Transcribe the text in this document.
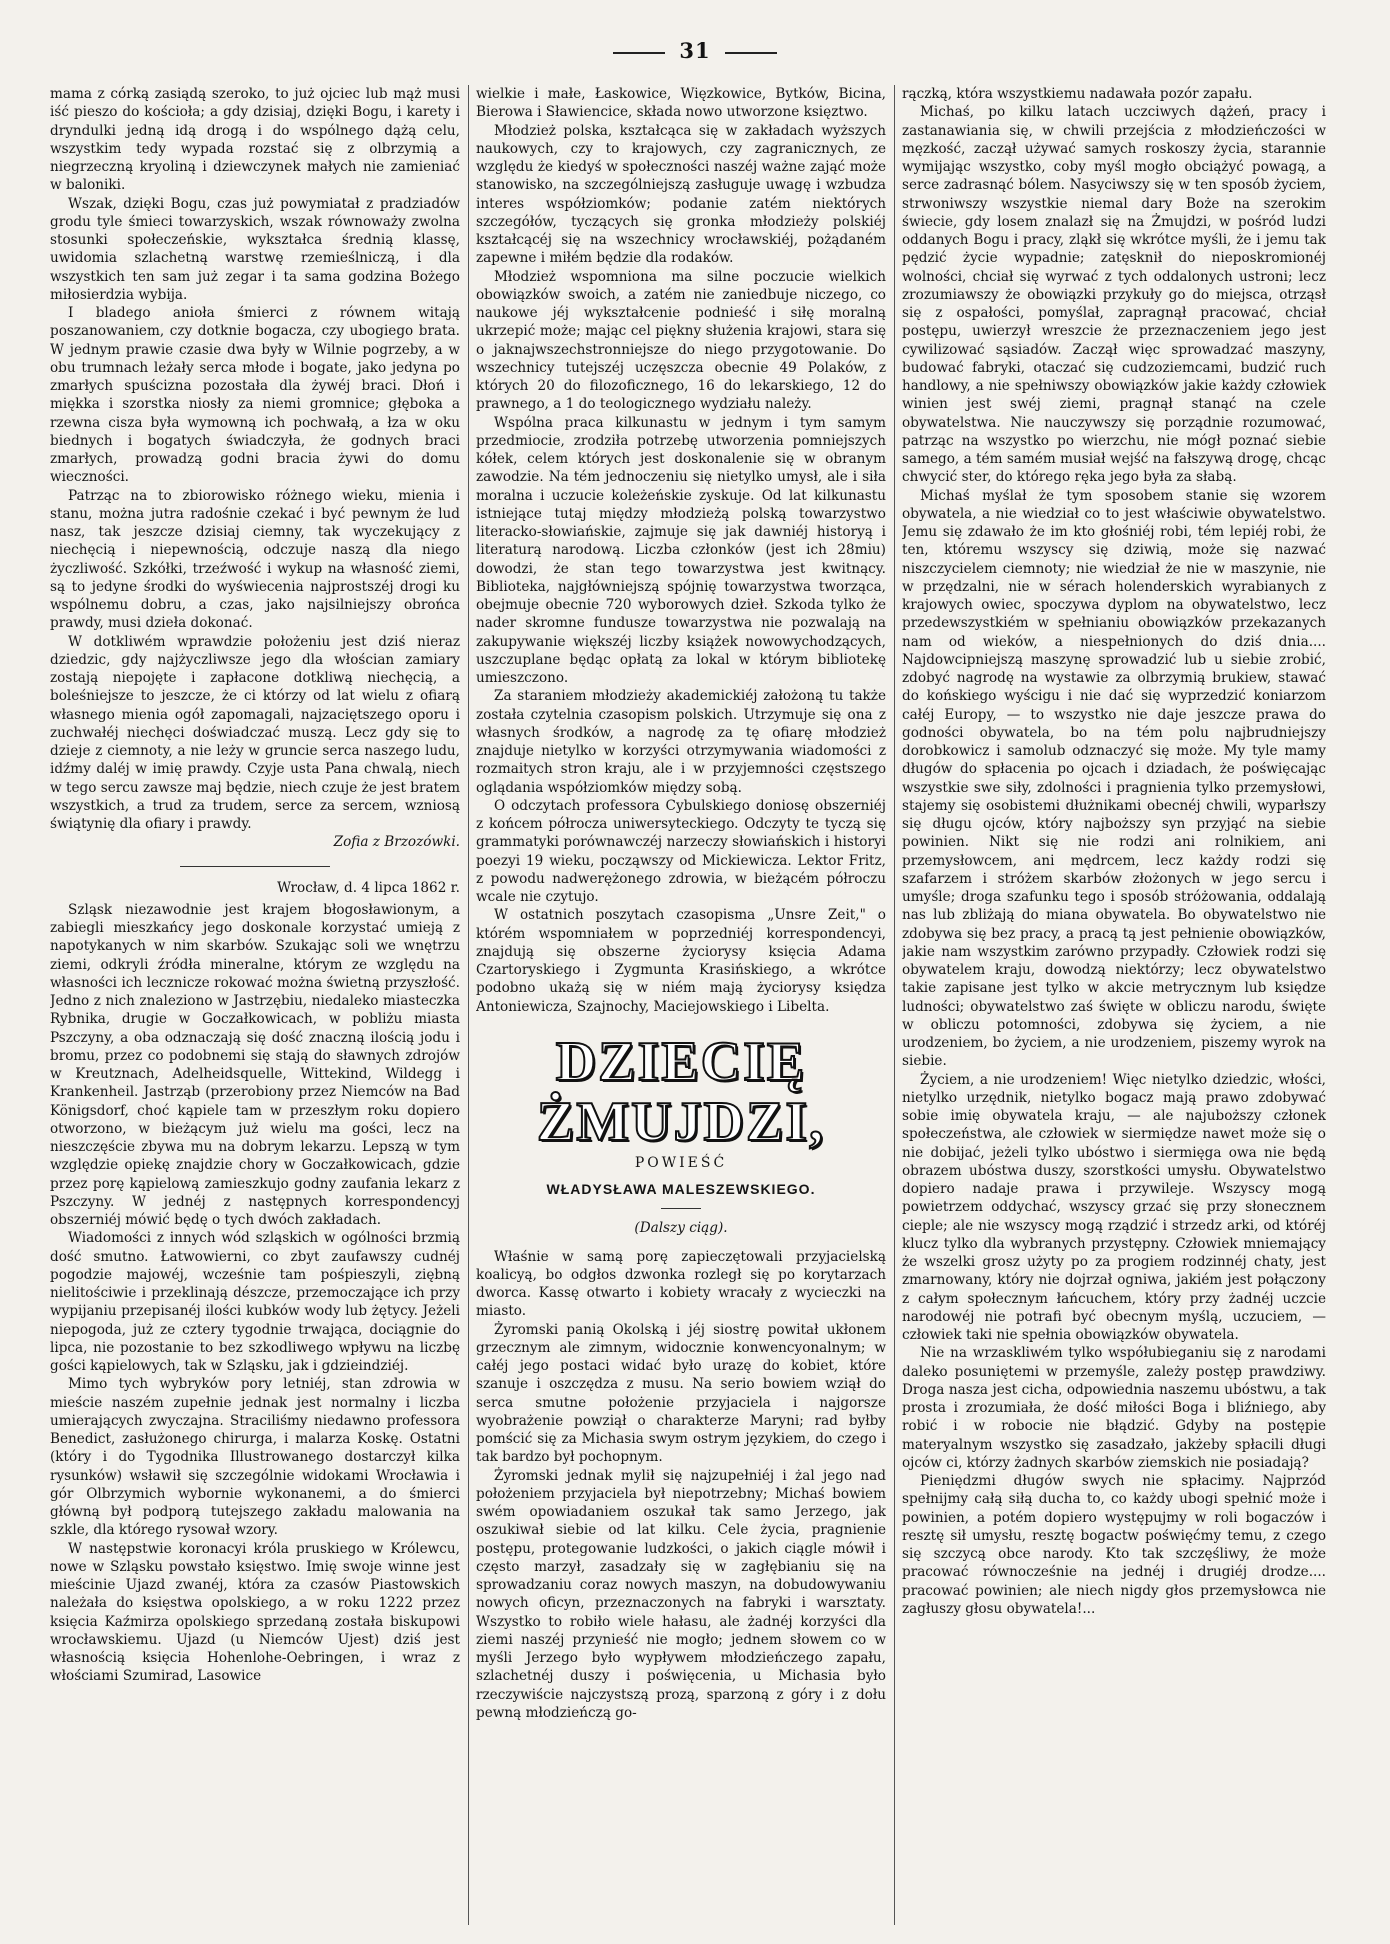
31

mama z córką zasiądą szeroko, to już ojciec lub mąż musi iść pieszo do kościoła; a gdy dzisiaj, dzięki Bogu, i karety i dryndulki jedną idą drogą i do wspólnego dążą celu, wszystkim tedy wypada rozstać się z olbrzymią a niegrzeczną kryoliną i dziewczynek małych nie zamieniać w baloniki.

Wszak, dzięki Bogu, czas już powymiatał z pradziadów grodu tyle śmieci towarzyskich, wszak równoważy zwolna stosunki społeczeńskie, wykształca średnią klassę, uwidomia szlachetną warstwę rzemieślniczą, i dla wszystkich ten sam już zegar i ta sama godzina Bożego miłosierdzia wybija.

I bladego anioła śmierci z równem witają poszanowaniem, czy dotknie bogacza, czy ubogiego brata. W jednym prawie czasie dwa były w Wilnie pogrzeby, a w obu trumnach leżały serca młode i bogate, jako jedyna po zmarłych spuścizna pozostała dla żywéj braci. Dłoń i miękka i szorstka niosły za niemi gromnice; głęboka a rzewna cisza była wymowną ich pochwałą, a łza w oku biednych i bogatych świadczyła, że godnych braci zmarłych, prowadzą godni bracia żywi do domu wieczności.

Patrząc na to zbiorowisko różnego wieku, mienia i stanu, można jutra radośnie czekać i być pewnym że lud nasz, tak jeszcze dzisiaj ciemny, tak wyczekujący z niechęcią i niepewnością, odczuje naszą dla niego życzliwość. Szkółki, trzeźwość i wykup na własność ziemi, są to jedyne środki do wyświecenia najprostszéj drogi ku wspólnemu dobru, a czas, jako najsilniejszy obrońca prawdy, musi dzieła dokonać.

W dotkliwém wprawdzie położeniu jest dziś nieraz dziedzic, gdy najżyczliwsze jego dla włościan zamiary zostają niepojęte i zapłacone dotkliwą niechęcią, a boleśniejsze to jeszcze, że ci którzy od lat wielu z ofiarą własnego mienia ogół zapomagali, najzaciętszego oporu i zuchwałéj niechęci doświadczać muszą. Lecz gdy się to dzieje z ciemnoty, a nie leży w gruncie serca naszego ludu, idźmy daléj w imię prawdy. Czyje usta Pana chwalą, niech w tego sercu zawsze maj będzie, niech czuje że jest bratem wszystkich, a trud za trudem, serce za sercem, wzniosą świątynię dla ofiary i prawdy.

Zofia z Brzozówki.
Wrocław, d. 4 lipca 1862 r.

Szląsk niezawodnie jest krajem błogosławionym, a zabiegli mieszkańcy jego doskonale korzystać umieją z napotykanych w nim skarbów. Szukając soli we wnętrzu ziemi, odkryli źródła mineralne, którym ze względu na własności ich lecznicze rokować można świetną przyszłość. Jedno z nich znaleziono w Jastrzębiu, niedaleko miasteczka Rybnika, drugie w Goczałkowicach, w pobliżu miasta Pszczyny, a oba odznaczają się dość znaczną ilością jodu i bromu, przez co podobnemi się stają do sławnych zdrojów w Kreutznach, Adelheidsquelle, Wittekind, Wildegg i Krankenheil. Jastrząb (przerobiony przez Niemców na Bad Königsdorf, choć kąpiele tam w przeszłym roku dopiero otworzono, w bieżącym już wielu ma gości, lecz na nieszczęście zbywa mu na dobrym lekarzu. Lepszą w tym względzie opiekę znajdzie chory w Goczałkowicach, gdzie przez porę kąpielową zamieszkujo godny zaufania lekarz z Pszczyny. W jednéj z następnych korrespondencyj obszerniéj mówić będę o tych dwóch zakładach.

Wiadomości z innych wód szląskich w ogólności brzmią dość smutno. Łatwowierni, co zbyt zaufawszy cudnéj pogodzie majowéj, wcześnie tam pośpieszyli, ziębną nielitościwie i przeklinają dészcze, przemoczające ich przy wypijaniu przepisanéj ilości kubków wody lub żętycy. Jeżeli niepogoda, już ze cztery tygodnie trwająca, dociągnie do lipca, nie pozostanie to bez szkodliwego wpływu na liczbę gości kąpielowych, tak w Szląsku, jak i gdzieindziéj.

Mimo tych wybryków pory letniéj, stan zdrowia w mieście naszém zupełnie jednak jest normalny i liczba umierających zwyczajna. Straciliśmy niedawno professora Benedict, zasłużonego chirurga, i malarza Koskę. Ostatni (który i do Tygodnika Illustrowanego dostarczył kilka rysunków) wsławił się szczególnie widokami Wrocławia i gór Olbrzymich wybornie wykonanemi, a do śmierci główną był podporą tutejszego zakładu malowania na szkle, dla którego rysował wzory.

W następstwie koronacyi króla pruskiego w Królewcu, nowe w Szląsku powstało księstwo. Imię swoje winne jest mieścinie Ujazd zwanéj, która za czasów Piastowskich należała do księstwa opolskiego, a w roku 1222 przez księcia Kaźmirza opolskiego sprzedaną została biskupowi wrocławskiemu. Ujazd (u Niemców Ujest) dziś jest własnością księcia Hohenlohe-Oebringen, i wraz z włościami Szumirad, Lasowice

wielkie i małe, Łaskowice, Więzkowice, Bytków, Bicina, Bierowa i Sławiencice, składa nowo utworzone księztwo.

Młodzież polska, kształcąca się w zakładach wyższych naukowych, czy to krajowych, czy zagranicznych, ze względu że kiedyś w społeczności naszéj ważne zająć może stanowisko, na szczególniejszą zasługuje uwagę i wzbudza interes współziomków; podanie zatém niektórych szczegółów, tyczących się gronka młodzieży polskiéj kształcącéj się na wszechnicy wrocławskiéj, pożądaném zapewne i miłém będzie dla rodaków.

Młodzież wspomniona ma silne poczucie wielkich obowiązków swoich, a zatém nie zaniedbuje niczego, co naukowe jéj wykształcenie podnieść i siłę moralną ukrzepić może; mając cel piękny służenia krajowi, stara się o jaknajwszechstronniejsze do niego przygotowanie. Do wszechnicy tutejszéj uczęszcza obecnie 49 Polaków, z których 20 do filozoficznego, 16 do lekarskiego, 12 do prawnego, a 1 do teologicznego wydziału należy.

Wspólna praca kilkunastu w jednym i tym samym przedmiocie, zrodziła potrzebę utworzenia pomniejszych kółek, celem których jest doskonalenie się w obranym zawodzie. Na tém jednoczeniu się nietylko umysł, ale i siła moralna i uczucie koleżeńskie zyskuje. Od lat kilkunastu istniejące tutaj między młodzieżą polską towarzystwo literacko-słowiańskie, zajmuje się jak dawniéj historyą i literaturą narodową. Liczba członków (jest ich 28miu) dowodzi, że stan tego towarzystwa jest kwitnący. Biblioteka, najgłówniejszą spójnię towarzystwa tworząca, obejmuje obecnie 720 wyborowych dzieł. Szkoda tylko że nader skromne fundusze towarzystwa nie pozwalają na zakupywanie większéj liczby książek nowowychodzących, uszczuplane będąc opłatą za lokal w którym bibliotekę umieszczono.

Za staraniem młodzieży akademickiéj założoną tu także została czytelnia czasopism polskich. Utrzymuje się ona z własnych środków, a nagrodę za tę ofiarę młodzież znajduje nietylko w korzyści otrzymywania wiadomości z rozmaitych stron kraju, ale i w przyjemności częstszego oglądania współziomków między sobą.

O odczytach professora Cybulskiego doniosę obszerniéj z końcem półrocza uniwersyteckiego. Odczyty te tyczą się grammatyki porównawczéj narzeczy słowiańskich i historyi poezyi 19 wieku, począwszy od Mickiewicza. Lektor Fritz, z powodu nadwerężonego zdrowia, w bieżącém półroczu wcale nie czytujo.

W ostatnich poszytach czasopisma „Unsre Zeit," o którém wspomniałem w poprzedniéj korrespondencyi, znajdują się obszerne życiorysy księcia Adama Czartoryskiego i Zygmunta Krasińskiego, a wkrótce podobno ukażą się w niém mają życiorysy księdza Antoniewicza, Szajnochy, Maciejowskiego i Libelta.

DZIECIĘ ŻMUJDZI,
POWIEŚĆ
WŁADYSŁAWA MALESZEWSKIEGO.
(Dalszy ciąg).

Właśnie w samą porę zapieczętowali przyjacielską koalicyą, bo odgłos dzwonka rozległ się po korytarzach dworca. Kassę otwarto i kobiety wracały z wycieczki na miasto.

Żyromski panią Okolską i jéj siostrę powitał ukłonem grzecznym ale zimnym, widocznie konwencyonalnym; w całéj jego postaci widać było urazę do kobiet, które szanuje i oszczędza z musu. Na serio bowiem wziął do serca smutne położenie przyjaciela i najgorsze wyobrażenie powziął o charakterze Maryni; rad byłby pomścić się za Michasia swym ostrym językiem, do czego i tak bardzo był pochopnym.

Żyromski jednak mylił się najzupełniéj i żal jego nad położeniem przyjaciela był niepotrzebny; Michaś bowiem swém opowiadaniem oszukał tak samo Jerzego, jak oszukiwał siebie od lat kilku. Cele życia, pragnienie postępu, protegowanie ludzkości, o jakich ciągle mówił i często marzył, zasadzały się w zagłębianiu się na sprowadzaniu coraz nowych maszyn, na dobudowywaniu nowych oficyn, przeznaczonych na fabryki i warsztaty. Wszystko to robiło wiele hałasu, ale żadnéj korzyści dla ziemi naszéj przynieść nie mogło; jednem słowem co w myśli Jerzego było wypływem młodzieńczego zapału, szlachetnéj duszy i poświęcenia, u Michasia było rzeczywiście najczystszą prozą, sparzoną z góry i z dołu pewną młodzieńczą go-

rączką, która wszystkiemu nadawała pozór zapału.

Michaś, po kilku latach uczciwych dążeń, pracy i zastanawiania się, w chwili przejścia z młodzieńczości w męzkość, zaczął używać samych roskoszy życia, starannie wymijając wszystko, coby myśl mogło obciążyć powagą, a serce zadrasnąć bólem. Nasyciwszy się w ten sposób życiem, strwoniwszy wszystkie niemal dary Boże na szerokim świecie, gdy losem znalazł się na Żmujdzi, w pośród ludzi oddanych Bogu i pracy, zląkł się wkrótce myśli, że i jemu tak pędzić życie wypadnie; zatęsknił do nieposkromionéj wolności, chciał się wyrwać z tych oddalonych ustroni; lecz zrozumiawszy że obowiązki przykuły go do miejsca, otrząsł się z ospałości, pomyślał, zapragnął pracować, chciał postępu, uwierzył wreszcie że przeznaczeniem jego jest cywilizować sąsiadów. Zaczął więc sprowadzać maszyny, budować fabryki, otaczać się cudzoziemcami, budzić ruch handlowy, a nie spełniwszy obowiązków jakie każdy człowiek winien jest swéj ziemi, pragnął stanąć na czele obywatelstwa. Nie nauczywszy się porządnie rozumować, patrząc na wszystko po wierzchu, nie mógł poznać siebie samego, a tém samém musiał wejść na fałszywą drogę, chcąc chwycić ster, do którego ręka jego była za słabą.

Michaś myślał że tym sposobem stanie się wzorem obywatela, a nie wiedział co to jest właściwie obywatelstwo. Jemu się zdawało że im kto głośniéj robi, tém lepiéj robi, że ten, któremu wszyscy się dziwią, może się nazwać niszczycielem ciemnoty; nie wiedział że nie w maszynie, nie w przędzalni, nie w sérach holenderskich wyrabianych z krajowych owiec, spoczywa dyplom na obywatelstwo, lecz przedewszystkiém w spełnianiu obowiązków przekazanych nam od wieków, a niespełnionych do dziś dnia.... Najdowcipniejszą maszynę sprowadzić lub u siebie zrobić, zdobyć nagrodę na wystawie za olbrzymią brukiew, stawać do końskiego wyścigu i nie dać się wyprzedzić koniarzom całéj Europy, — to wszystko nie daje jeszcze prawa do godności obywatela, bo na tém polu najbrudniejszy dorobkowicz i samolub odznaczyć się może. My tyle mamy długów do spłacenia po ojcach i dziadach, że poświęcając wszystkie swe siły, zdolności i pragnienia tylko przemysłowi, stajemy się osobistemi dłużnikami obecnéj chwili, wyparłszy się długu ojców, który najboższy syn przyjąć na siebie powinien. Nikt się nie rodzi ani rolnikiem, ani przemysłowcem, ani mędrcem, lecz każdy rodzi się szafarzem i stróżem skarbów złożonych w jego sercu i umyśle; droga szafunku tego i sposób stróżowania, oddalają nas lub zbliżają do miana obywatela. Bo obywatelstwo nie zdobywa się bez pracy, a pracą tą jest pełnienie obowiązków, jakie nam wszystkim zarówno przypadły. Człowiek rodzi się obywatelem kraju, dowodzą niektórzy; lecz obywatelstwo takie zapisane jest tylko w akcie metrycznym lub księdze ludności; obywatelstwo zaś święte w obliczu narodu, święte w obliczu potomności, zdobywa się życiem, a nie urodzeniem, bo życiem, a nie urodzeniem, piszemy wyrok na siebie.

Życiem, a nie urodzeniem! Więc nietylko dziedzic, włości, nietylko urzędnik, nietylko bogacz mają prawo zdobywać sobie imię obywatela kraju, — ale najuboższy członek społeczeństwa, ale człowiek w siermiędze nawet może się o nie dobijać, jeżeli tylko ubóstwo i siermięga owa nie będą obrazem ubóstwa duszy, szorstkości umysłu. Obywatelstwo dopiero nadaje prawa i przywileje. Wszyscy mogą powietrzem oddychać, wszyscy grzać się przy słonecznem cieple; ale nie wszyscy mogą rządzić i strzedz arki, od któréj klucz tylko dla wybranych przystępny. Człowiek mniemający że wszelki grosz użyty po za progiem rodzinnéj chaty, jest zmarnowany, który nie dojrzał ogniwa, jakiém jest połączony z całym społecznym łańcuchem, który przy żadnéj uczcie narodowéj nie potrafi być obecnym myślą, uczuciem, — człowiek taki nie spełnia obowiązków obywatela.

Nie na wrzaskliwém tylko współubieganiu się z narodami daleko posuniętemi w przemyśle, zależy postęp prawdziwy. Droga nasza jest cicha, odpowiednia naszemu ubóstwu, a tak prosta i zrozumiała, że dość miłości Boga i bliźniego, aby robić i w robocie nie błądzić. Gdyby na postępie materyalnym wszystko się zasadzało, jakżeby spłacili długi ojców ci, którzy żadnych skarbów ziemskich nie posiadają?

Pieniędzmi długów swych nie spłacimy. Najprzód spełnijmy całą siłą ducha to, co każdy ubogi spełnić może i powinien, a potém dopiero występujmy w roli bogaczów i resztę sił umysłu, resztę bogactw poświęćmy temu, z czego się szczycą obce narody. Kto tak szczęśliwy, że może pracować równocześnie na jednéj i drugiéj drodze.... pracować powinien; ale niech nigdy głos przemysłowca nie zagłuszy głosu obywatela!...
